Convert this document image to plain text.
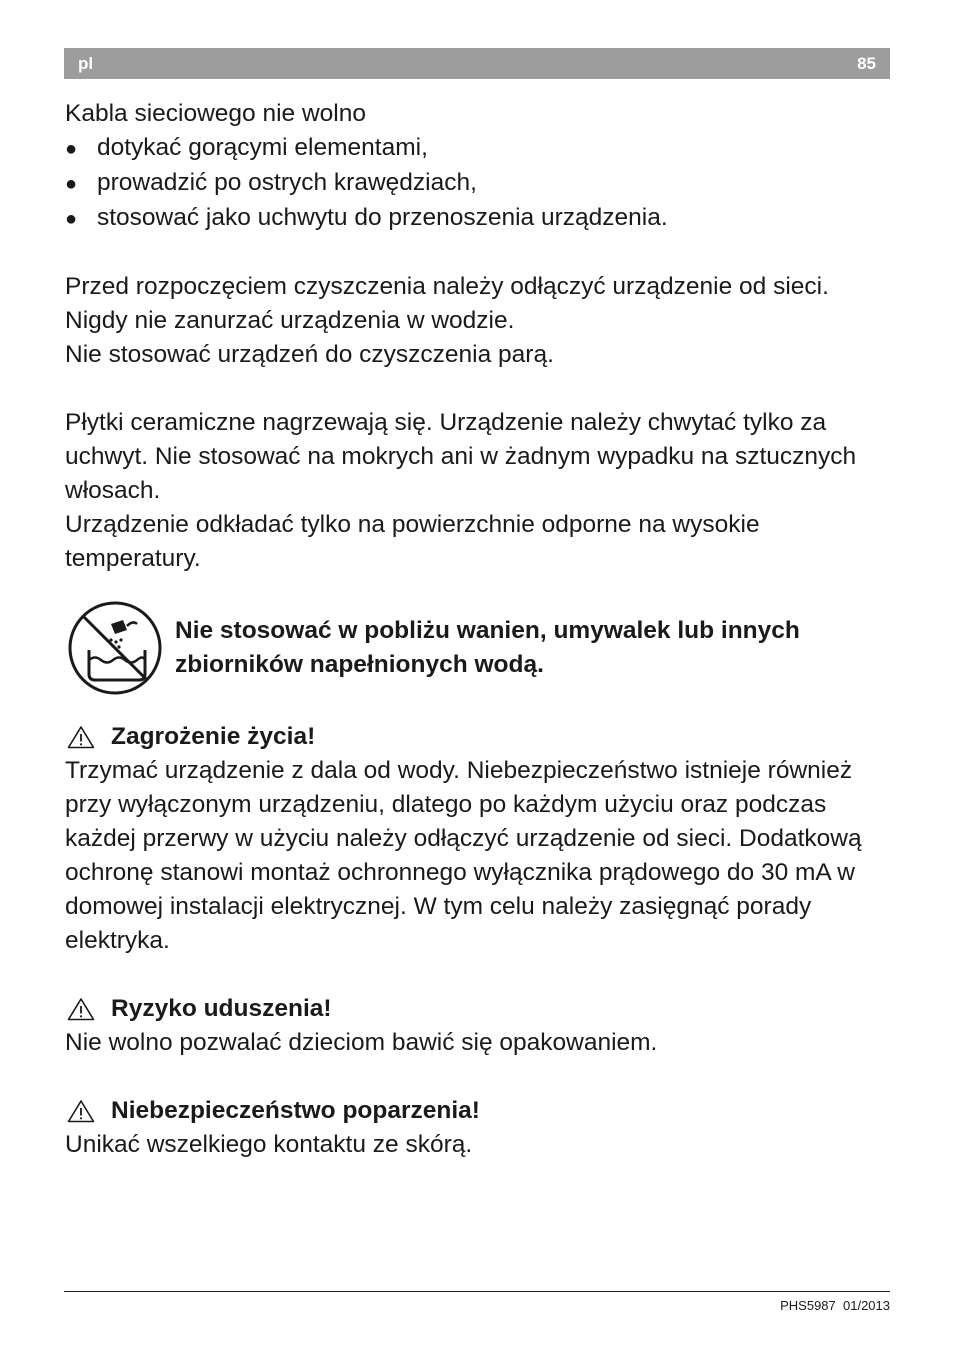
pl	85

Kabla sieciowego nie wolno

● dotykać gorącymi elementami,
● prowadzić po ostrych krawędziach,
● stosować jako uchwytu do przenoszenia urządzenia.

Przed rozpoczęciem czyszczenia należy odłączyć urządzenie od sieci.

Nigdy nie zanurzać urządzenia w wodzie.

Nie stosować urządzeń do czyszczenia parą.

Płytki ceramiczne nagrzewają się. Urządzenie należy chwytać tylko za uchwyt. Nie stosować na mokrych ani w żadnym wypadku na sztucznych włosach.

Urządzenie odkładać tylko na powierzchnie odporne na wysokie temperatury.

Nie stosować w pobliżu wanien, umywalek lub innych zbiorników napełnionych wodą.
Zagrożenie życia!

Trzymać urządzenie z dala od wody. Niebezpieczeństwo istnieje również przy wyłączonym urządzeniu, dlatego po każdym użyciu oraz podczas każdej przerwy w użyciu należy odłączyć urządzenie od sieci. Dodatkową ochronę stanowi montaż ochronnego wyłącznika prądowego do 30 mA w domowej instalacji elektrycznej. W tym celu należy zasięgnąć porady elektryka.

Ryzyko uduszenia!

Nie wolno pozwalać dzieciom bawić się opakowaniem.

Niebezpieczeństwo poparzenia!

Unikać wszelkiego kontaktu ze skórą.

PHS5987 01/2013
